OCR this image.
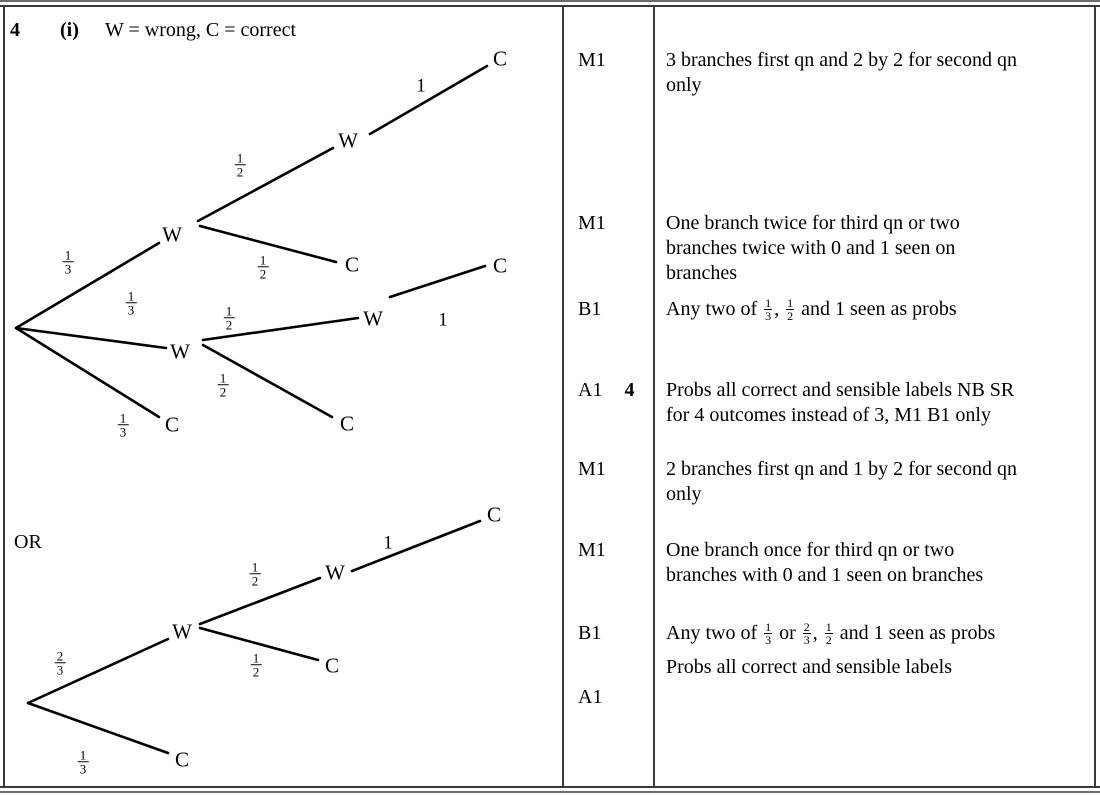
4 (i) W = wrong, C = correct
OR
W
W
C
W
C
W
C
C
C
$\frac{1}{3}$
$\frac{1}{3}$
$\frac{1}{3}$
$\frac{1}{2}$
$\frac{1}{2}$
$\frac{1}{2}$
$\frac{1}{2}$
1
1
W
C
W
C
C
$\frac{2}{3}$
$\frac{1}{3}$
$\frac{1}{2}$
$\frac{1}{2}$
1
M1
M1
B1
A1 4
M1
M1
B1
A1
3 branches first qn and 2 by 2 for second qn
only
One branch twice for third qn or two
branches twice with 0 and 1 seen on
branches
Any two of $\frac{1}{3}$ , $\frac{1}{2}$ and 1 seen as probs
Probs all correct and sensible labels NB SR
for 4 outcomes instead of 3, M1 B1 only
2 branches first qn and 1 by 2 for second qn
only
One branch once for third qn or two
branches with 0 and 1 seen on branches
Any two of $\frac{1}{3}$ or $\frac{2}{3}$ , $\frac{1}{2}$ and 1 seen as probs
Probs all correct and sensible labels
